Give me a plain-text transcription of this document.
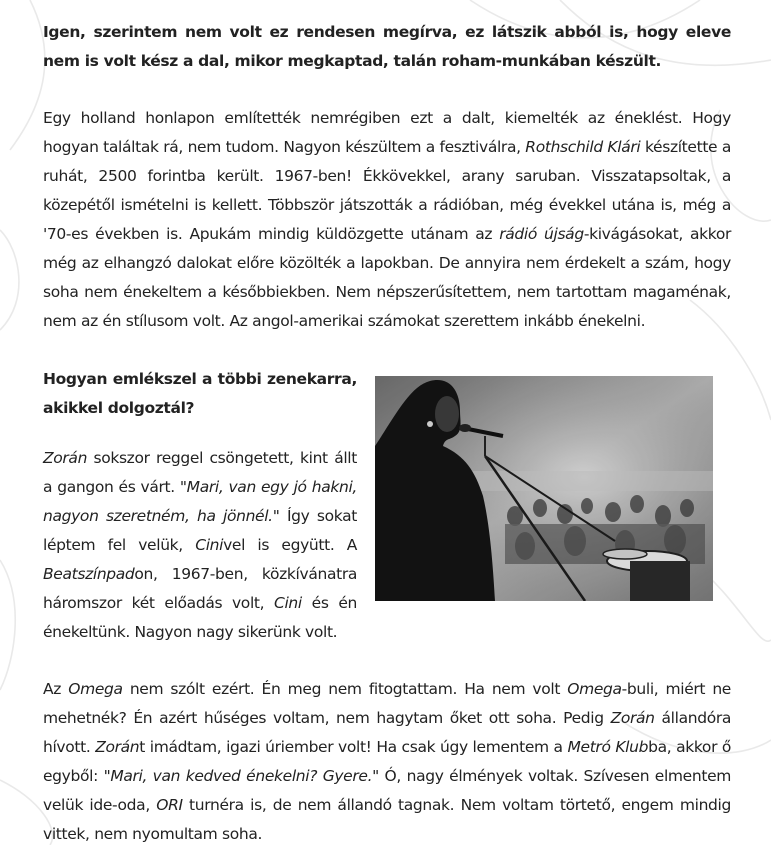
Igen, szerintem nem volt ez rendesen megírva, ez látszik abból is, hogy eleve nem is volt kész a dal, mikor megkaptad, talán roham-munkában készült.

Egy holland honlapon említették nemrégiben ezt a dalt, kiemelték az éneklést. Hogy hogyan találtak rá, nem tudom. Nagyon készültem a fesztiválra, Rothschild Klári készítette a ruhát, 2500 forintba került. 1967-ben! Ékkövekkel, arany saruban. Visszatapsoltak, a közepétől ismételni is kellett. Többször játszották a rádióban, még évekkel utána is, még a '70-es években is. Apukám mindig küldözgette utánam az rádió újság-kivágásokat, akkor még az elhangzó dalokat előre közölték a lapokban. De annyira nem érdekelt a szám, hogy soha nem énekeltem a későbbiekben. Nem népszerűsítettem, nem tartottam magaménak, nem az én stílusom volt. Az angol-amerikai számokat szerettem inkább énekelni.

Hogyan emlékszel a többi zenekarra, akikkel dolgoztál?

Zorán sokszor reggel csöngetett, kint állt a gangon és várt. "Mari, van egy jó hakni, nagyon szeretném, ha jönnél." Így sokat léptem fel velük, Cinivel is együtt. A Beatszínpadon, 1967-ben, közkívánatra háromszor két előadás volt, Cini és én énekeltünk. Nagyon nagy sikerünk volt.

Az Omega nem szólt ezért. Én meg nem fitogtattam. Ha nem volt Omega-buli, miért ne mehetnék? Én azért hűséges voltam, nem hagytam őket ott soha. Pedig Zorán állandóra hívott. Zoránt imádtam, igazi úriember volt! Ha csak úgy lementem a Metró Klubba, akkor ő egyből: "Mari, van kedved énekelni? Gyere." Ó, nagy élmények voltak. Szívesen elmentem velük ide-oda, ORI turnéra is, de nem állandó tagnak. Nem voltam törtető, engem mindig vittek, nem nyomultam soha.
